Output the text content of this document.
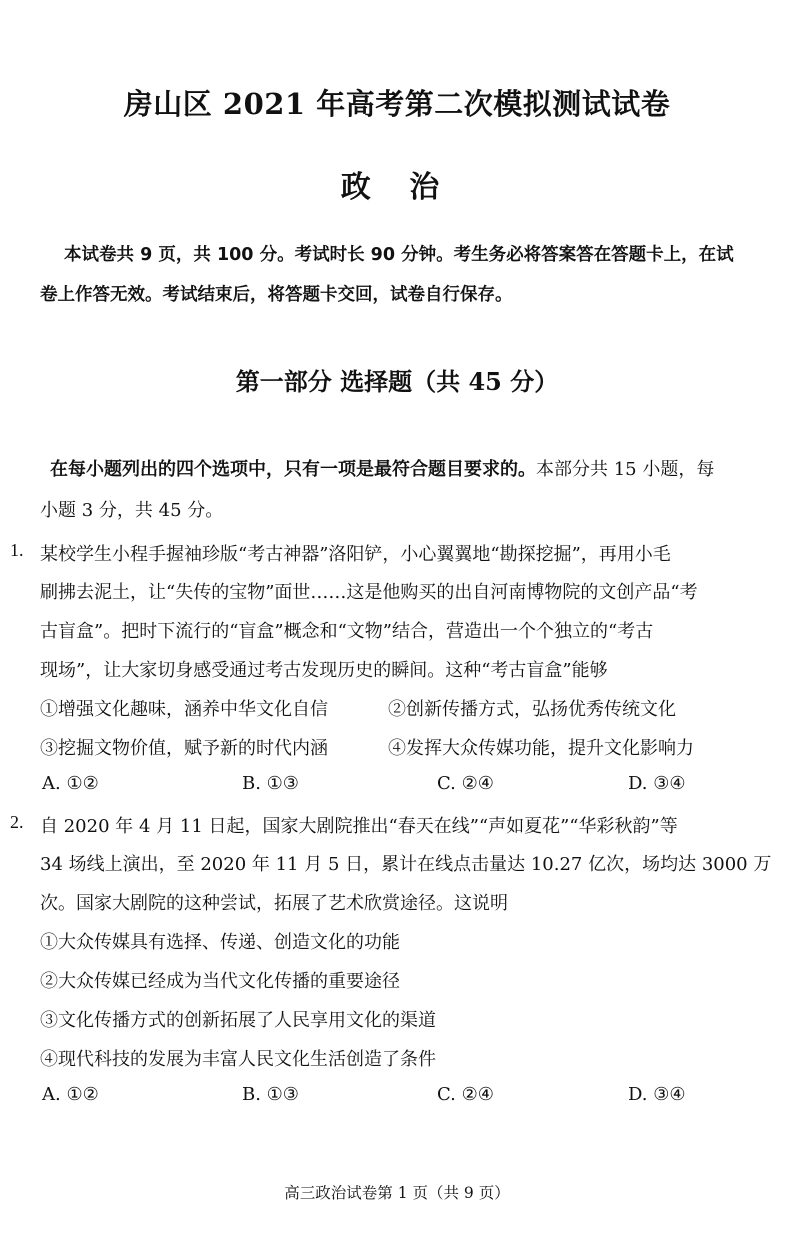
房山区 2021 年高考第二次模拟测试试卷
政 治
本试卷共 9 页，共 100 分。考试时长 90 分钟。考生务必将答案答在答题卡上，在试
卷上作答无效。考试结束后，将答题卡交回，试卷自行保存。
第一部分 选择题（共 45 分）
在每小题列出的四个选项中，只有一项是最符合题目要求的。本部分共 15 小题，每
小题 3 分，共 45 分。
1. 某校学生小程手握袖珍版“考古神器”洛阳铲，小心翼翼地“勘探挖掘”，再用小毛
刷拂去泥土，让“失传的宝物”面世……这是他购买的出自河南博物院的文创产品“考
古盲盒”。把时下流行的“盲盒”概念和“文物”结合，营造出一个个独立的“考古
现场”，让大家切身感受通过考古发现历史的瞬间。这种“考古盲盒”能够
①增强文化趣味，涵养中华文化自信	②创新传播方式，弘扬优秀传统文化
③挖掘文物价值，赋予新的时代内涵	④发挥大众传媒功能，提升文化影响力
A. ①②	B. ①③	C. ②④	D. ③④
2. 自 2020 年 4 月 11 日起，国家大剧院推出“春天在线”“声如夏花”“华彩秋韵”等
34 场线上演出，至 2020 年 11 月 5 日，累计在线点击量达 10.27 亿次，场均达 3000 万
次。国家大剧院的这种尝试，拓展了艺术欣赏途径。这说明
①大众传媒具有选择、传递、创造文化的功能
②大众传媒已经成为当代文化传播的重要途径
③文化传播方式的创新拓展了人民享用文化的渠道
④现代科技的发展为丰富人民文化生活创造了条件
A. ①②	B. ①③	C. ②④	D. ③④
高三政治试卷第 1 页（共 9 页）
